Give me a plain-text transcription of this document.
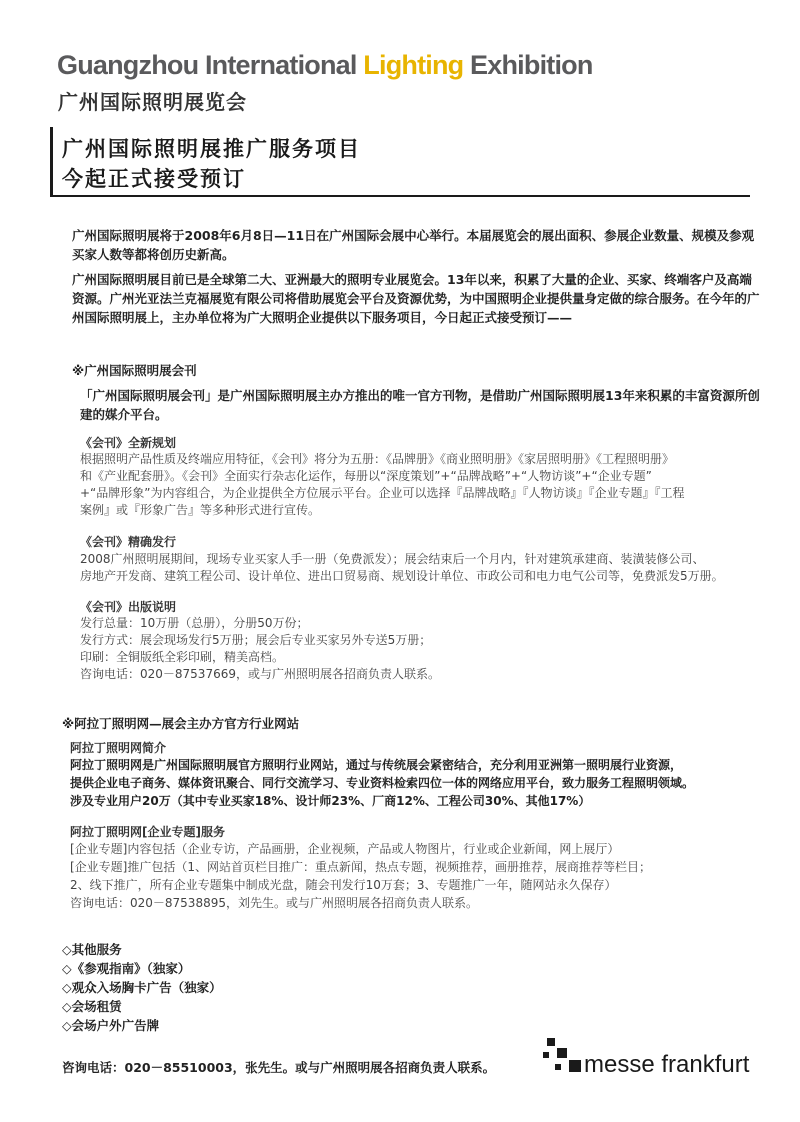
Guangzhou International Lighting Exhibition
广州国际照明展览会
广州国际照明展推广服务项目
今起正式接受预订
广州国际照明展将于2008年6月8日—11日在广州国际会展中心举行。本届展览会的展出面积、参展企业数量、规模及参观买家人数等都将创历史新高。
广州国际照明展目前已是全球第二大、亚洲最大的照明专业展览会。13年以来，积累了大量的企业、买家、终端客户及高端资源。广州光亚法兰克福展览有限公司将借助展览会平台及资源优势，为中国照明企业提供量身定做的综合服务。在今年的广州国际照明展上，主办单位将为广大照明企业提供以下服务项目，今日起正式接受预订——
※广州国际照明展会刊
「广州国际照明展会刊」是广州国际照明展主办方推出的唯一官方刊物，是借助广州国际照明展13年来积累的丰富资源所创建的媒介平台。
《会刊》全新规划
根据照明产品性质及终端应用特征，《会刊》将分为五册：《品牌册》《商业照明册》《家居照明册》《工程照明册》
和《产业配套册》。《会刊》全面实行杂志化运作，每册以“深度策划”+“品牌战略”+“人物访谈”+“企业专题”
+“品牌形象”为内容组合，为企业提供全方位展示平台。企业可以选择『品牌战略』『人物访谈』『企业专题』『工程
案例』或『形象广告』等多种形式进行宣传。
《会刊》精确发行
2008广州照明展期间，现场专业买家人手一册（免费派发）；展会结束后一个月内，针对建筑承建商、装潢装修公司、
房地产开发商、建筑工程公司、设计单位、进出口贸易商、规划设计单位、市政公司和电力电气公司等，免费派发5万册。
《会刊》出版说明
发行总量：10万册（总册），分册50万份；
发行方式：展会现场发行5万册；展会后专业买家另外专送5万册；
印刷：全铜版纸全彩印刷，精美高档。
咨询电话：020－87537669，或与广州照明展各招商负责人联系。
※阿拉丁照明网—展会主办方官方行业网站
阿拉丁照明网简介
阿拉丁照明网是广州国际照明展官方照明行业网站，通过与传统展会紧密结合，充分利用亚洲第一照明展行业资源，
提供企业电子商务、媒体资讯聚合、同行交流学习、专业资料检索四位一体的网络应用平台，致力服务工程照明领域。
涉及专业用户20万（其中专业买家18%、设计师23%、厂商12%、工程公司30%、其他17%）
阿拉丁照明网[企业专题]服务
[企业专题]内容包括（企业专访，产品画册，企业视频，产品或人物图片，行业或企业新闻，网上展厅）
[企业专题]推广包括（1、网站首页栏目推广：重点新闻，热点专题，视频推荐，画册推荐，展商推荐等栏目；
2、线下推广，所有企业专题集中制成光盘，随会刊发行10万套；3、专题推广一年，随网站永久保存）
咨询电话：020－87538895，刘先生。或与广州照明展各招商负责人联系。
◇其他服务
◇《参观指南》（独家）
◇观众入场胸卡广告（独家）
◇会场租赁
◇会场户外广告牌
咨询电话：020－85510003，张先生。或与广州照明展各招商负责人联系。	messe frankfurt
